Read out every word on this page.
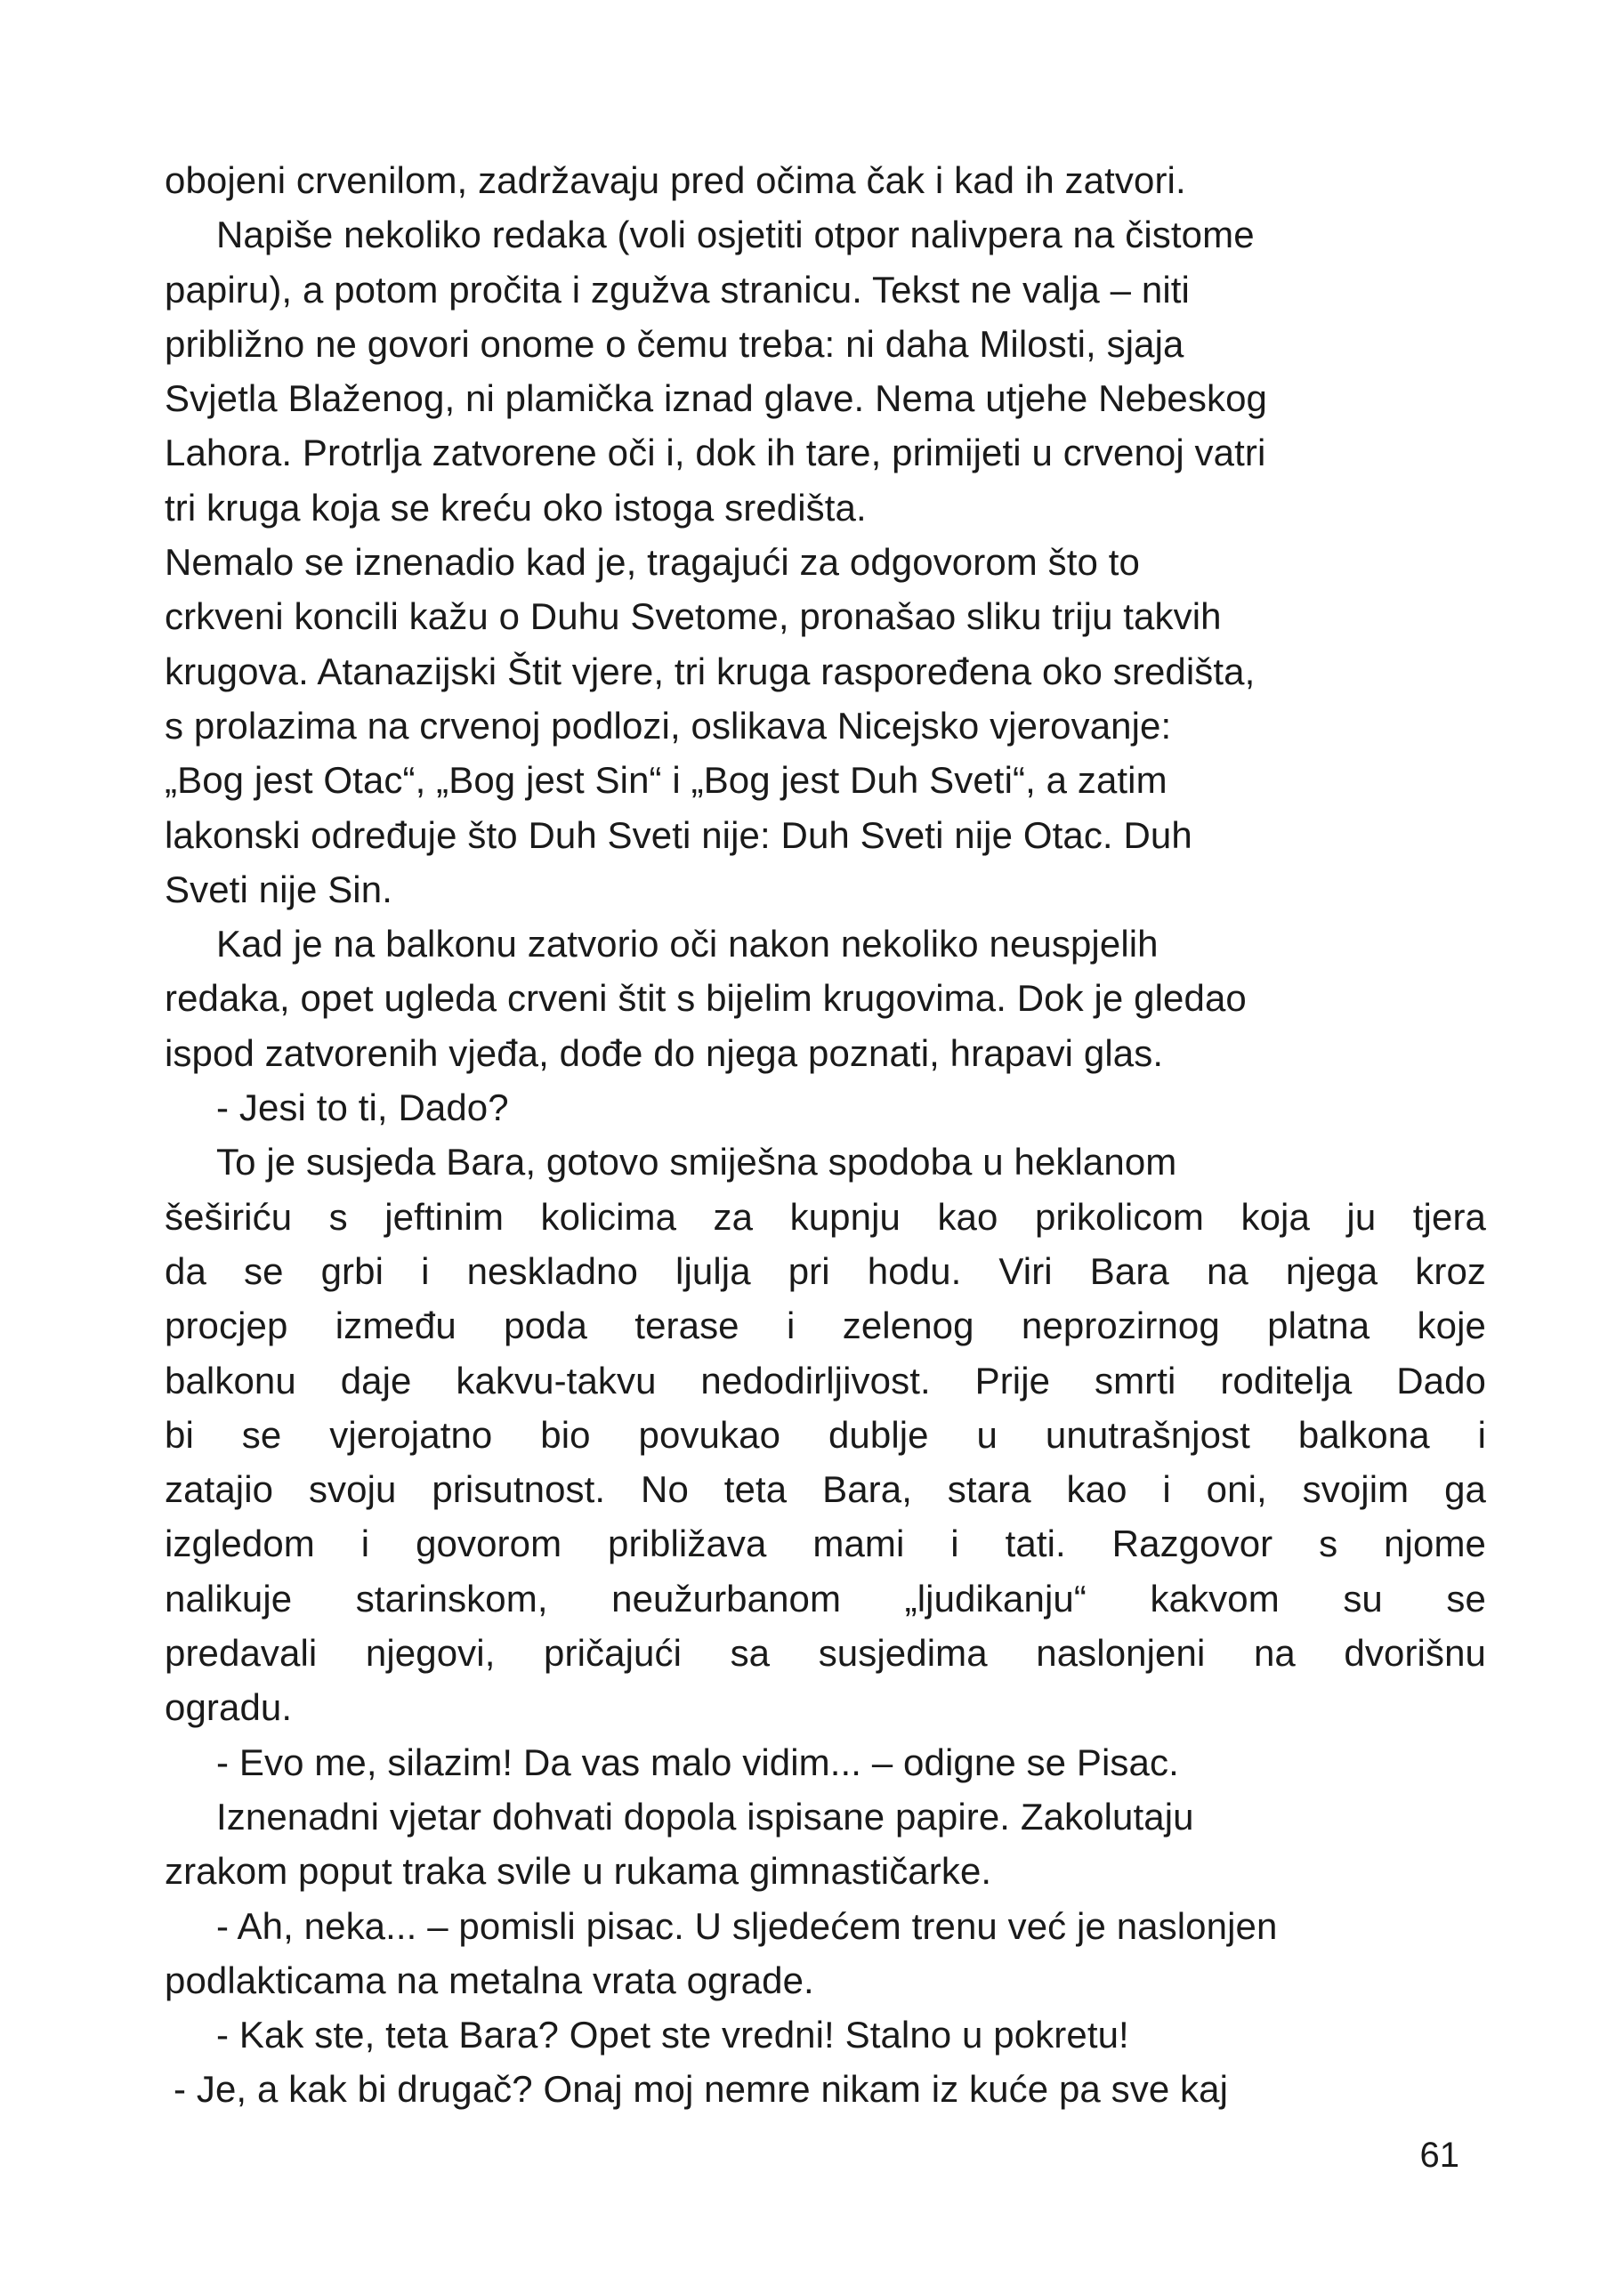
obojeni crvenilom, zadržavaju pred očima čak i kad ih zatvori.
Napiše nekoliko redaka (voli osjetiti otpor nalivpera na čistome
papiru), a potom pročita i zgužva stranicu. Tekst ne valja – niti
približno ne govori onome o čemu treba: ni daha Milosti, sjaja
Svjetla Blaženog, ni plamička iznad glave. Nema utjehe Nebeskog
Lahora. Protrlja zatvorene oči i, dok ih tare, primijeti u crvenoj vatri
tri kruga koja se kreću oko istoga središta.
Nemalo se iznenadio kad je, tragajući za odgovorom što to
crkveni koncili kažu o Duhu Svetome, pronašao sliku triju takvih
krugova. Atanazijski Štit vjere, tri kruga raspoređena oko središta,
s prolazima na crvenoj podlozi, oslikava Nicejsko vjerovanje:
„Bog jest Otac“, „Bog jest Sin“ i „Bog jest Duh Sveti“, a zatim
lakonski određuje što Duh Sveti nije: Duh Sveti nije Otac. Duh
Sveti nije Sin.
Kad je na balkonu zatvorio oči nakon nekoliko neuspjelih
redaka, opet ugleda crveni štit s bijelim krugovima. Dok je gledao
ispod zatvorenih vjeđa, dođe do njega poznati, hrapavi glas.
- Jesi to ti, Dado?
To je susjeda Bara, gotovo smiješna spodoba u heklanom
šeširiću s jeftinim kolicima za kupnju kao prikolicom koja ju tjera
da se grbi i neskladno ljulja pri hodu. Viri Bara na njega kroz
procjep između poda terase i zelenog neprozirnog platna koje
balkonu daje kakvu-takvu nedodirljivost. Prije smrti roditelja Dado
bi se vjerojatno bio povukao dublje u unutrašnjost balkona i
zatajio svoju prisutnost. No teta Bara, stara kao i oni, svojim ga
izgledom i govorom približava mami i tati. Razgovor s njome
nalikuje starinskom, neužurbanom „ljudikanju“ kakvom su se
predavali njegovi, pričajući sa susjedima naslonjeni na dvorišnu
ogradu.
- Evo me, silazim! Da vas malo vidim... – odigne se Pisac.
Iznenadni vjetar dohvati dopola ispisane papire. Zakolutaju
zrakom poput traka svile u rukama gimnastičarke.
- Ah, neka... – pomisli pisac. U sljedećem trenu već je naslonjen
podlakticama na metalna vrata ograde.
- Kak ste, teta Bara? Opet ste vredni! Stalno u pokretu!
- Je, a kak bi drugač? Onaj moj nemre nikam iz kuće pa sve kaj
61
